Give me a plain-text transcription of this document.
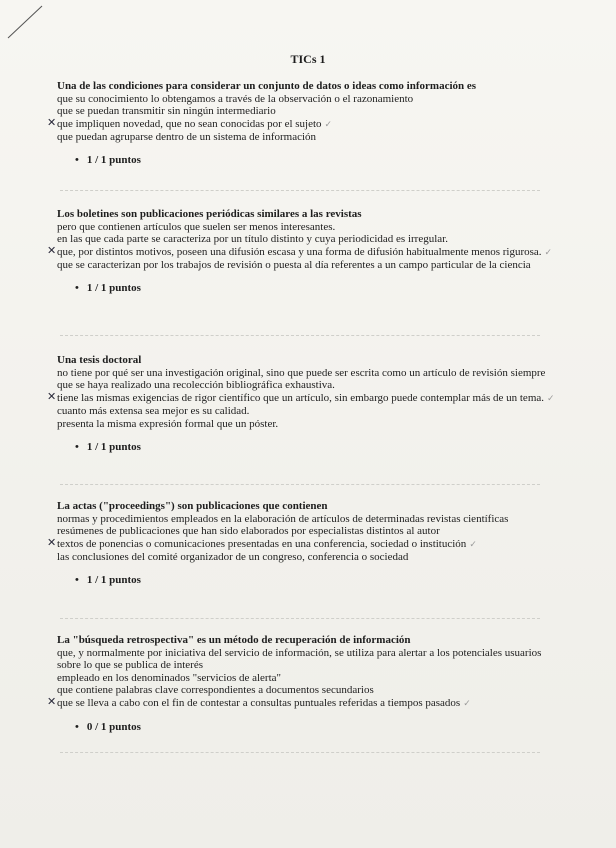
TICs 1
Una de las condiciones para considerar un conjunto de datos o ideas como información es
que su conocimiento lo obtengamos a través de la observación o el razonamiento
que se puedan transmitir sin ningún intermediario
✕ que impliquen novedad, que no sean conocidas por el sujeto ✓
que puedan agruparse dentro de un sistema de información
• 1 / 1 puntos
Los boletines son publicaciones periódicas similares a las revistas
pero que contienen artículos que suelen ser menos interesantes.
en las que cada parte se caracteriza por un título distinto y cuya periodicidad es irregular.
✕ que, por distintos motivos, poseen una difusión escasa y una forma de difusión habitualmente menos rigurosa. ✓
que se caracterizan por los trabajos de revisión o puesta al día referentes a un campo particular de la ciencia
• 1 / 1 puntos
Una tesis doctoral
no tiene por qué ser una investigación original, sino que puede ser escrita como un artículo de revisión siempre que se haya realizado una recolección bibliográfica exhaustiva.
✕ tiene las mismas exigencias de rigor científico que un artículo, sin embargo puede contemplar más de un tema. ✓
cuanto más extensa sea mejor es su calidad.
presenta la misma expresión formal que un póster.
• 1 / 1 puntos
La actas ("proceedings") son publicaciones que contienen
normas y procedimientos empleados en la elaboración de artículos de determinadas revistas científicas
resúmenes de publicaciones que han sido elaborados por especialistas distintos al autor
✕ textos de ponencias o comunicaciones presentadas en una conferencia, sociedad o institución ✓
las conclusiones del comité organizador de un congreso, conferencia o sociedad
• 1 / 1 puntos
La "búsqueda retrospectiva" es un método de recuperación de información
que, y normalmente por iniciativa del servicio de información, se utiliza para alertar a los potenciales usuarios sobre lo que se publica de interés
empleado en los denominados "servicios de alerta"
que contiene palabras clave correspondientes a documentos secundarios
✕ que se lleva a cabo con el fin de contestar a consultas puntuales referidas a tiempos pasados ✓
• 0 / 1 puntos
